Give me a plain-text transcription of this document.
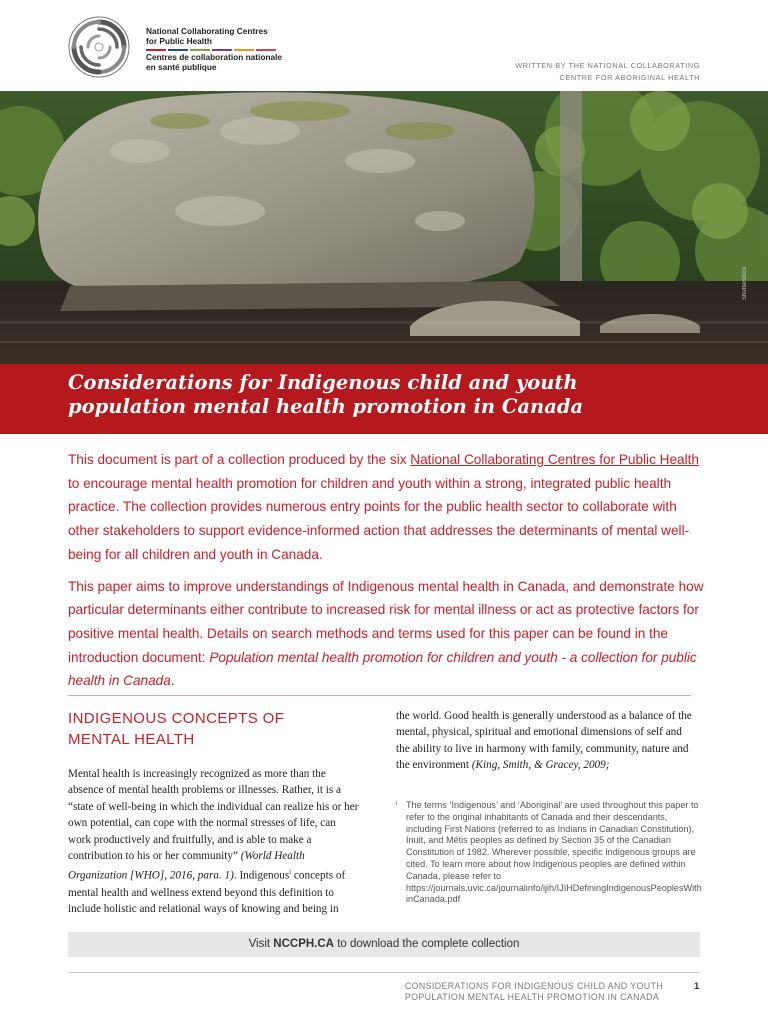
National Collaborating Centres
for Public Health
Centres de collaboration nationale
en santé publique	WRITTEN BY THE NATIONAL COLLABORATING
CENTRE FOR ABORIGINAL HEALTH
Shutterstock
Considerations for Indigenous child and youth
population mental health promotion in Canada

This document is part of a collection produced by the six National Collaborating Centres for Public Health to encourage mental health promotion for children and youth within a strong, integrated public health practice. The collection provides numerous entry points for the public health sector to collaborate with other stakeholders to support evidence-informed action that addresses the determinants of mental well-being for all children and youth in Canada.

This paper aims to improve understandings of Indigenous mental health in Canada, and demonstrate how particular determinants either contribute to increased risk for mental illness or act as protective factors for positive mental health. Details on search methods and terms used for this paper can be found in the introduction document: Population mental health promotion for children and youth - a collection for public health in Canada.

INDIGENOUS CONCEPTS OF MENTAL HEALTH

Mental health is increasingly recognized as more than the absence of mental health problems or illnesses. Rather, it is a “state of well-being in which the individual can realize his or her own potential, can cope with the normal stresses of life, can work productively and fruitfully, and is able to make a contribution to his or her community” (World Health Organization [WHO], 2016, para. 1). Indigenous$^i$ concepts of mental health and wellness extend beyond this definition to include holistic and relational ways of knowing and being in

the world. Good health is generally understood as a balance of the mental, physical, spiritual and emotional dimensions of self and the ability to live in harmony with family, community, nature and the environment (King, Smith, & Gracey, 2009;

i The terms ‘Indigenous’ and ‘Aboriginal’ are used throughout this paper to refer to the original inhabitants of Canada and their descendants, including First Nations (referred to as Indians in Canadian Constitution), Inuit, and Métis peoples as defined by Section 35 of the Canadian Constitution of 1982. Wherever possible, specific Indigenous groups are cited. To learn more about how Indigenous peoples are defined within Canada, please refer to https://journals.uvic.ca/journalinfo/ijih/IJIHDefiningIndigenousPeoplesWithinCanada.pdf
Visit NCCPH.CA to download the complete collection
CONSIDERATIONS FOR INDIGENOUS CHILD AND YOUTH
POPULATION MENTAL HEALTH PROMOTION IN CANADA
1
